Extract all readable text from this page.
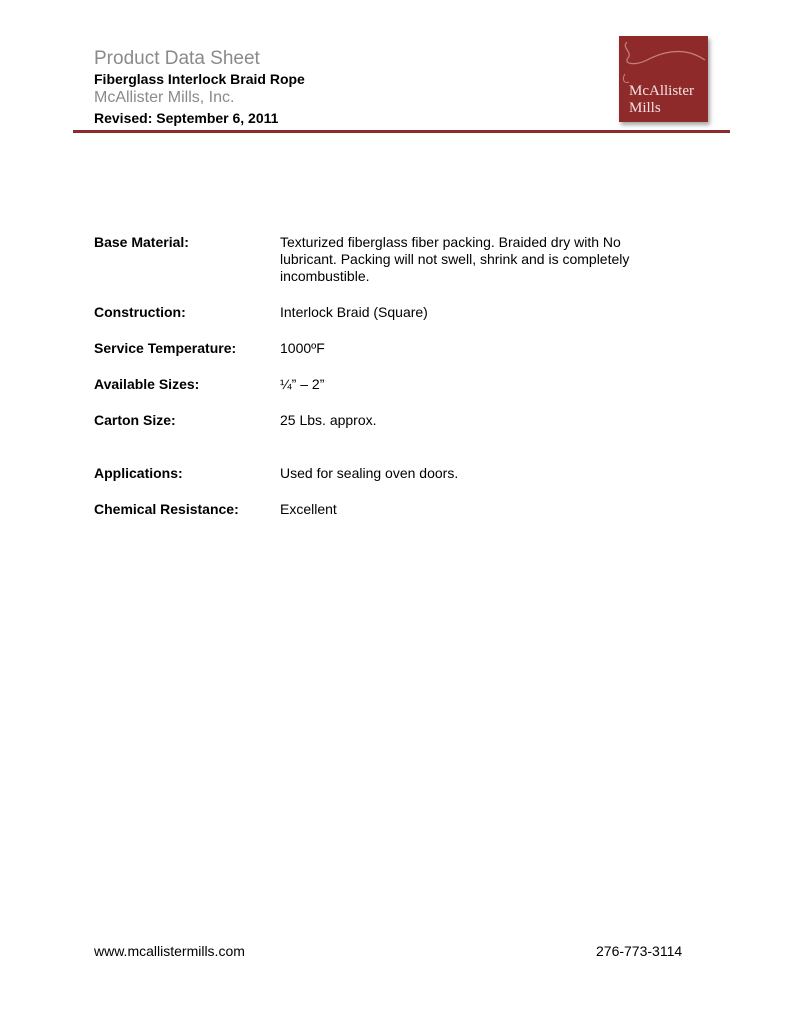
Product Data Sheet
Fiberglass Interlock Braid Rope
McAllister Mills, Inc.
Revised: September 6, 2011
McAllister
Mills
Base Material:	Texturized fiberglass fiber packing. Braided dry with No lubricant. Packing will not swell, shrink and is completely incombustible.
Construction:	Interlock Braid (Square)
Service Temperature:	1000ºF
Available Sizes:	¼” – 2”
Carton Size:	25 Lbs. approx.
Applications:	Used for sealing oven doors.
Chemical Resistance:	Excellent
www.mcallistermills.com	276-773-3114
